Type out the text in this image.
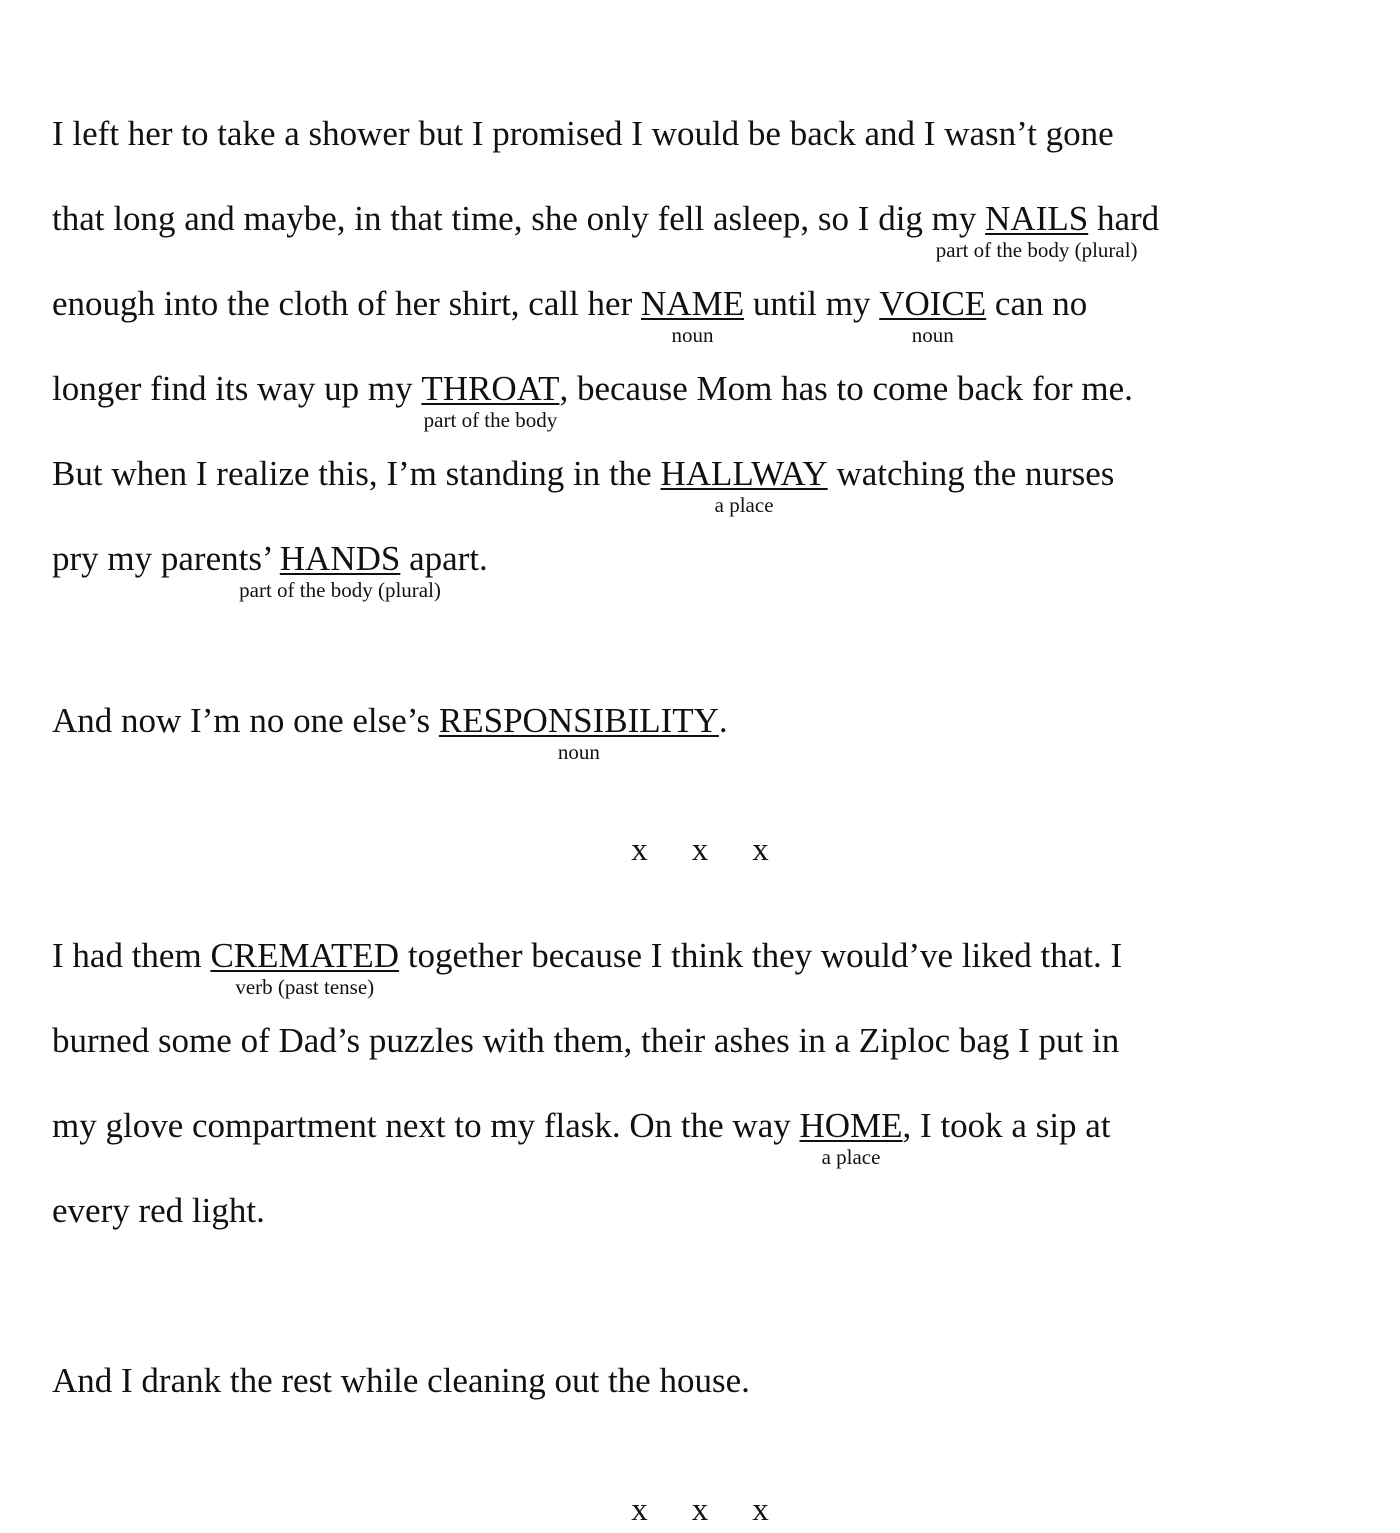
I left her to take a shower but I promised I would be back and I wasn’t gone
that long and maybe, in that time, she only fell asleep, so I dig my NAILS
part of the body (plural)
hard
enough into the cloth of her shirt, call her NAME
noun
until my VOICE
noun
can no
longer find its way up my THROAT
part of the body
, because Mom has to come back for me.
But when I realize this, I’m standing in the HALLWAY
a place
watching the nurses
pry my parents’ HANDS
part of the body (plural)
apart.
And now I’m no one else’s RESPONSIBILITY
noun
.
x x x
I had them CREMATED
verb (past tense)
together because I think they would’ve liked that. I
burned some of Dad’s puzzles with them, their ashes in a Ziploc bag I put in
my glove compartment next to my flask. On the way HOME
a place
, I took a sip at
every red light.
And I drank the rest while cleaning out the house.
x x x
